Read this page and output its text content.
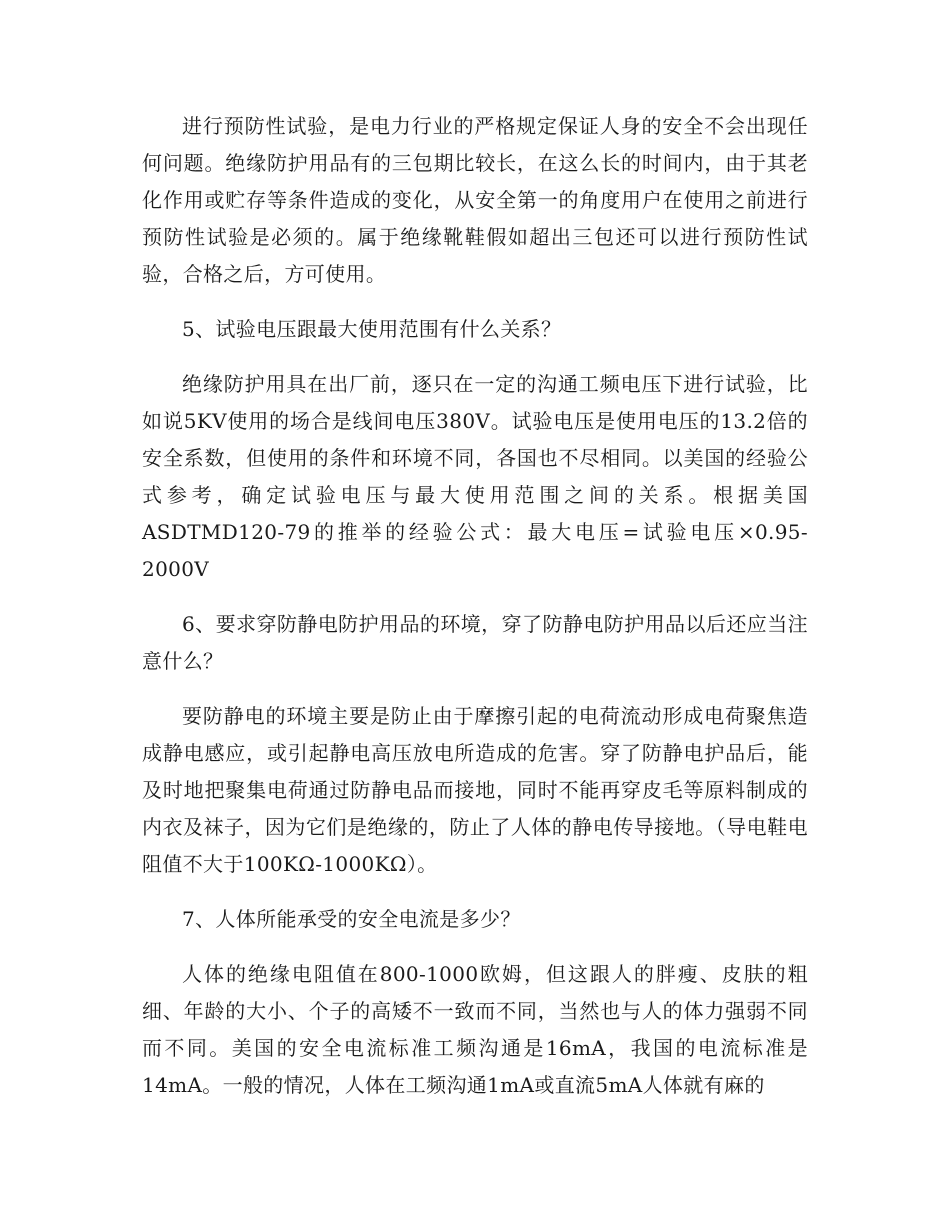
进行预防性试验，是电力行业的严格规定保证人身的安全不会出现任何问题。绝缘防护用品有的三包期比较长，在这么长的时间内，由于其老化作用或贮存等条件造成的变化，从安全第一的角度用户在使用之前进行预防性试验是必须的。属于绝缘靴鞋假如超出三包还可以进行预防性试验，合格之后，方可使用。

5、试验电压跟最大使用范围有什么关系？

绝缘防护用具在出厂前，逐只在一定的沟通工频电压下进行试验，比如说5KV使用的场合是线间电压380V。试验电压是使用电压的13.2倍的安全系数，但使用的条件和环境不同，各国也不尽相同。以美国的经验公式参考，确定试验电压与最大使用范围之间的关系。根据美国ASDTMD120-79的推举的经验公式：最大电压=试验电压×0.95-2000V

6、要求穿防静电防护用品的环境，穿了防静电防护用品以后还应当注意什么？

要防静电的环境主要是防止由于摩擦引起的电荷流动形成电荷聚焦造成静电感应，或引起静电高压放电所造成的危害。穿了防静电护品后，能及时地把聚集电荷通过防静电品而接地，同时不能再穿皮毛等原料制成的内衣及袜子，因为它们是绝缘的，防止了人体的静电传导接地。（导电鞋电阻值不大于100KΩ-1000KΩ）。

7、人体所能承受的安全电流是多少？

人体的绝缘电阻值在800-1000欧姆，但这跟人的胖瘦、皮肤的粗细、年龄的大小、个子的高矮不一致而不同，当然也与人的体力强弱不同而不同。美国的安全电流标准工频沟通是16mA，我国的电流标准是14mA。一般的情况，人体在工频沟通1mA或直流5mA人体就有麻的
